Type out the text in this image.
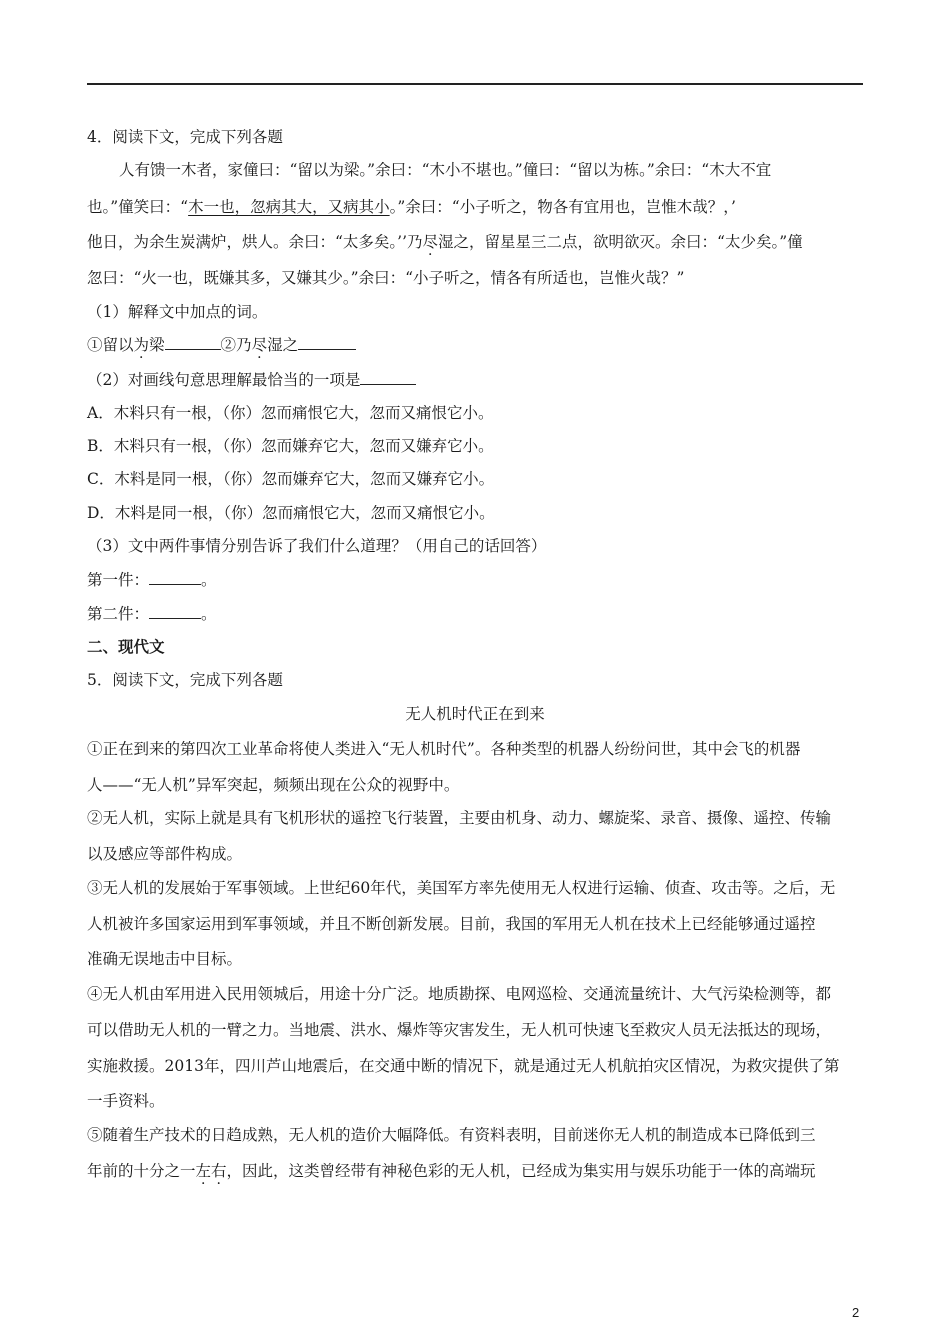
4．阅读下文，完成下列各题
人有馈一木者，家僮曰：“留以为梁。”余曰：“木小不堪也。”僮曰：“留以为栋。”余曰：“木大不宜
也。”僮笑曰：“木一也，忽病其大，又病其小。”余曰：“小子听之，物各有宜用也，岂惟木哉？，’
他日，为余生炭满炉，烘人。余曰：“太多矣。’’乃尽湿之，留星星三二点，欲明欲灭。余曰：“太少矣。”僮
忽曰：“火一也，既嫌其多，又嫌其少。”余曰：“小子听之，情各有所适也，岂惟火哉？”
（1）解释文中加点的词。
①留以为梁	②乃尽湿之
（2）对画线句意思理解最恰当的一项是
A．木料只有一根，（你）忽而痛恨它大，忽而又痛恨它小。
B．木料只有一根，（你）忽而嫌弃它大，忽而又嫌弃它小。
C．木料是同一根，（你）忽而嫌弃它大，忽而又嫌弃它小。
D．木料是同一根，（你）忽而痛恨它大，忽而又痛恨它小。
（3）文中两件事情分别告诉了我们什么道理？（用自己的话回答）
第一件：	。
第二件：	。
二、现代文
5．阅读下文，完成下列各题
无人机时代正在到来
①正在到来的第四次工业革命将使人类进入“无人机时代”。各种类型的机器人纷纷问世，其中会飞的机器
人——“无人机”异军突起，频频出现在公众的视野中。
②无人机，实际上就是具有飞机形状的遥控飞行装置，主要由机身、动力、螺旋桨、录音、摄像、遥控、传输
以及感应等部件构成。
③无人机的发展始于军事领域。上世纪60年代，美国军方率先使用无人权进行运输、侦查、攻击等。之后，无
人机被许多国家运用到军事领域，并且不断创新发展。目前，我国的军用无人机在技术上已经能够通过遥控
准确无误地击中目标。
④无人机由军用进入民用领城后，用途十分广泛。地质勘探、电网巡检、交通流量统计、大气污染检测等，都
可以借助无人机的一臂之力。当地震、洪水、爆炸等灾害发生，无人机可快速飞至救灾人员无法抵达的现场，
实施救援。2013年，四川芦山地震后，在交通中断的情况下，就是通过无人机航拍灾区情况，为救灾提供了第
一手资料。
⑤随着生产技术的日趋成熟，无人机的造价大幅降低。有资料表明，目前迷你无人机的制造成本已降低到三
年前的十分之一左右，因此，这类曾经带有神秘色彩的无人机，已经成为集实用与娱乐功能于一体的高端玩
2
